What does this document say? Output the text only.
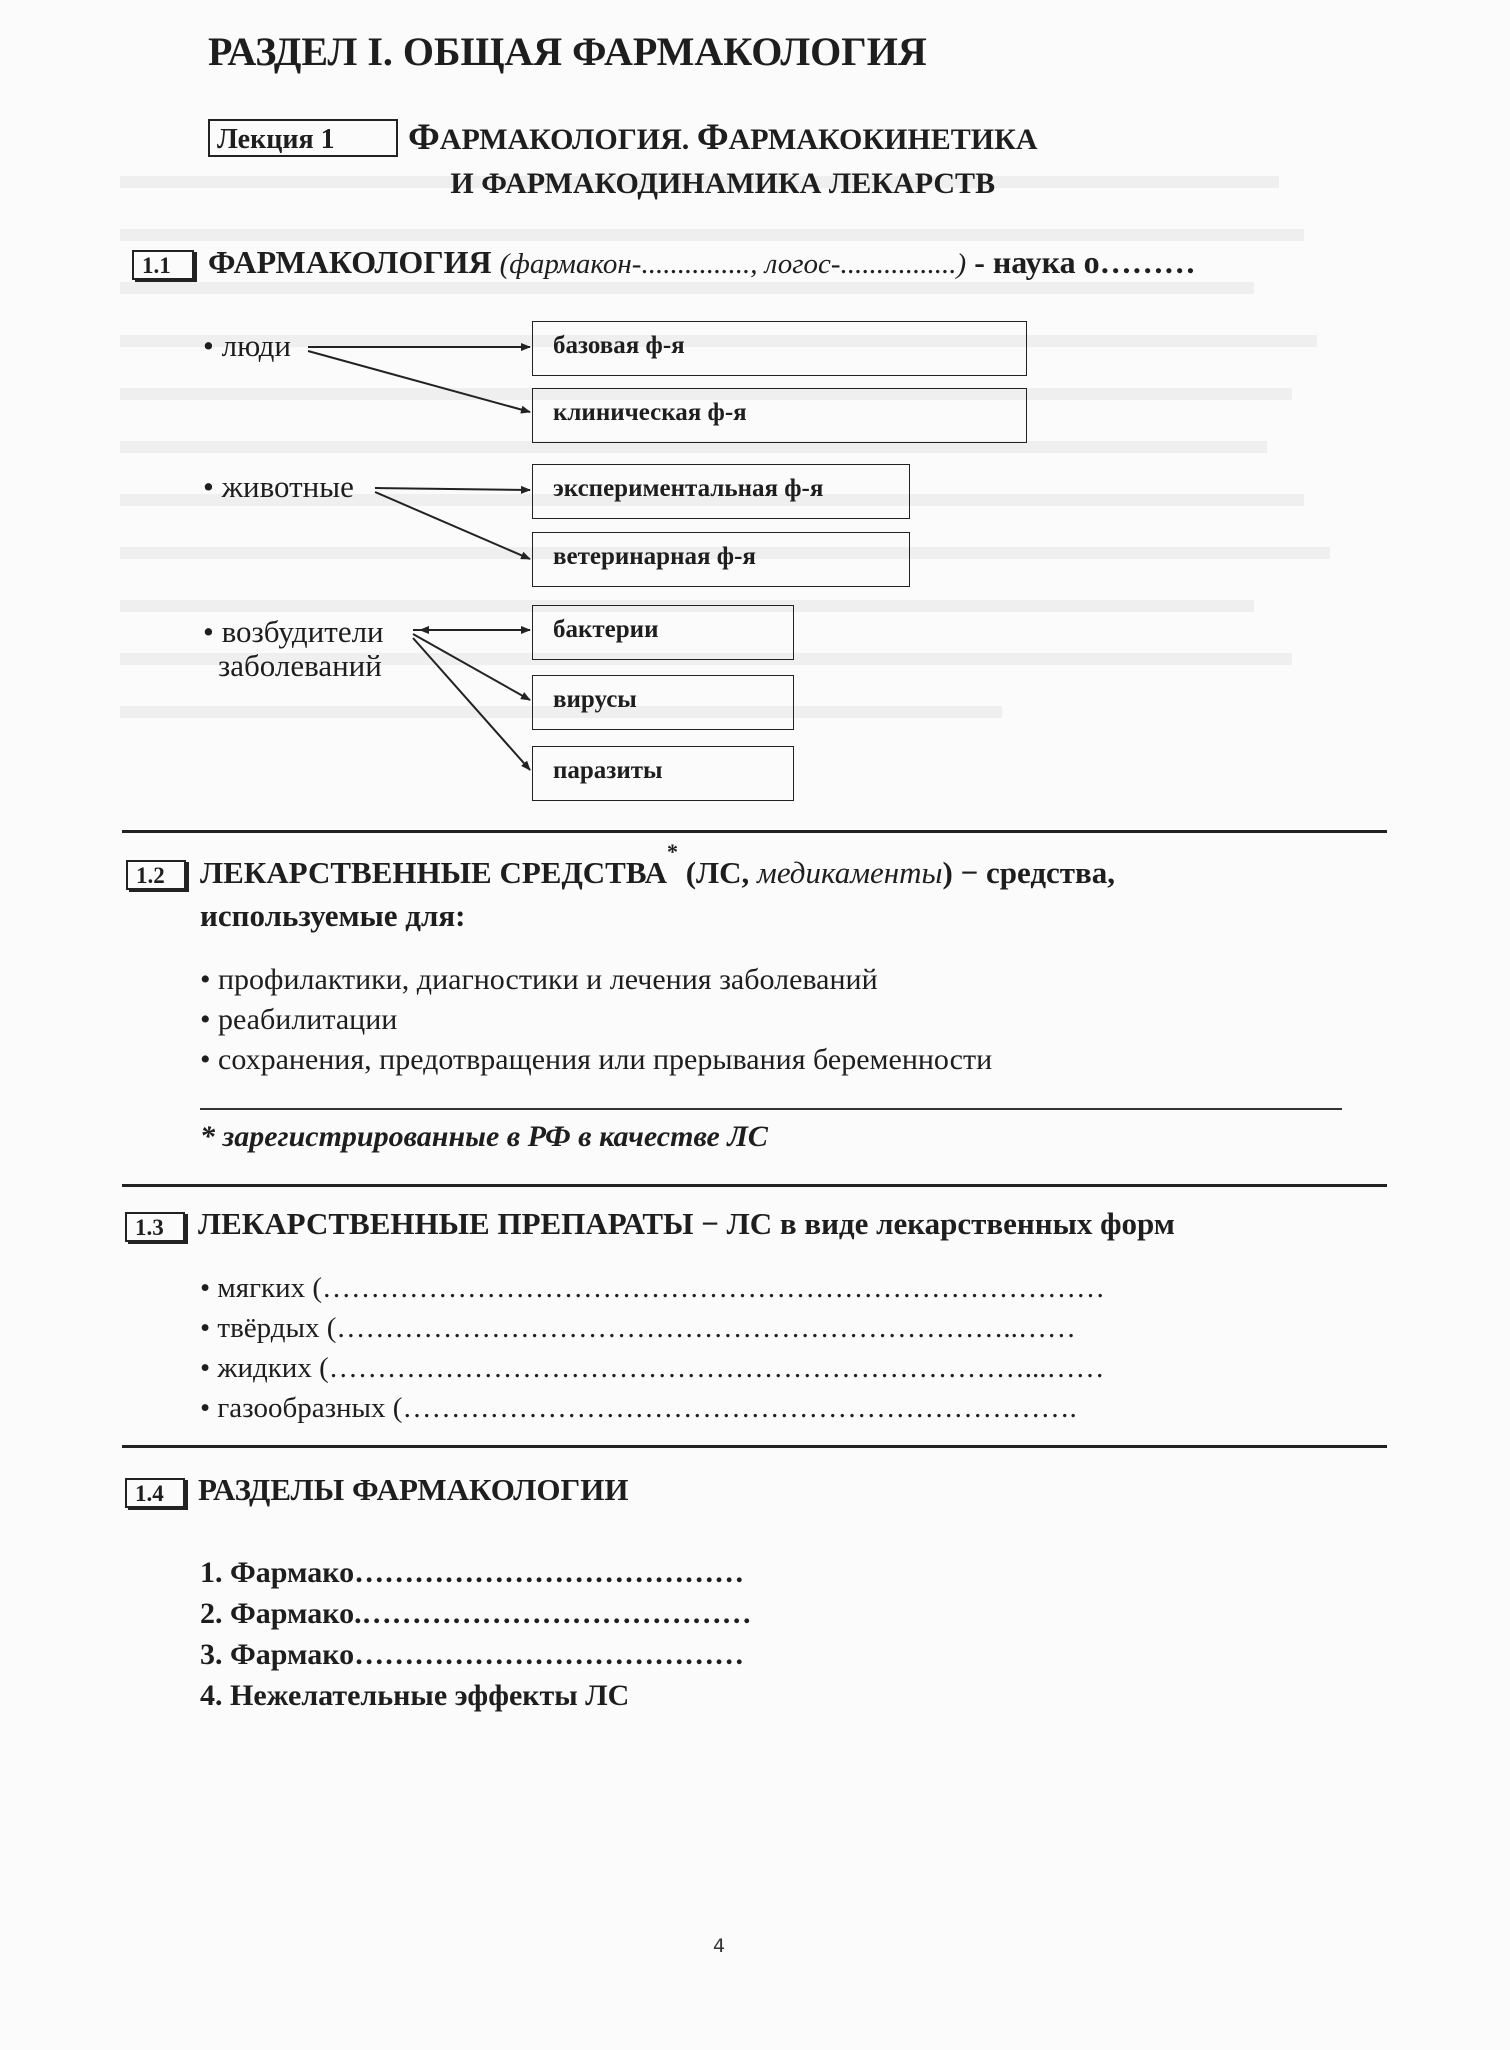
РАЗДЕЛ I. ОБЩАЯ ФАРМАКОЛОГИЯ
Лекция 1	ФАРМАКОЛОГИЯ. ФАРМАКОКИНЕТИКА
И ФАРМАКОДИНАМИКА ЛЕКАРСТВ
1.1	ФАРМАКОЛОГИЯ (фармакон-..............., логос-................) - наука о………
• люди
• животные
• возбудители
заболеваний
базовая ф-я
клиническая ф-я
экспериментальная ф-я
ветеринарная ф-я
бактерии
вирусы
паразиты
1.2	ЛЕКАРСТВЕННЫЕ СРЕДСТВА* (ЛС, медикаменты) − средства,
используемые для:
• профилактики, диагностики и лечения заболеваний
• реабилитации
• сохранения, предотвращения или прерывания беременности
* зарегистрированные в РФ в качестве ЛС
1.3	ЛЕКАРСТВЕННЫЕ ПРЕПАРАТЫ − ЛС в виде лекарственных форм
• мягких (………………………………………………………………………
• твёрдых (……………………………………………………………..……
• жидких (………………………………………………………………...……
• газообразных (…………………………………………………………….
1.4	РАЗДЕЛЫ ФАРМАКОЛОГИИ
1. Фармако…………………………………
2. Фармако.…………………………………
3. Фармако…………………………………
4. Нежелательные эффекты ЛС
4
